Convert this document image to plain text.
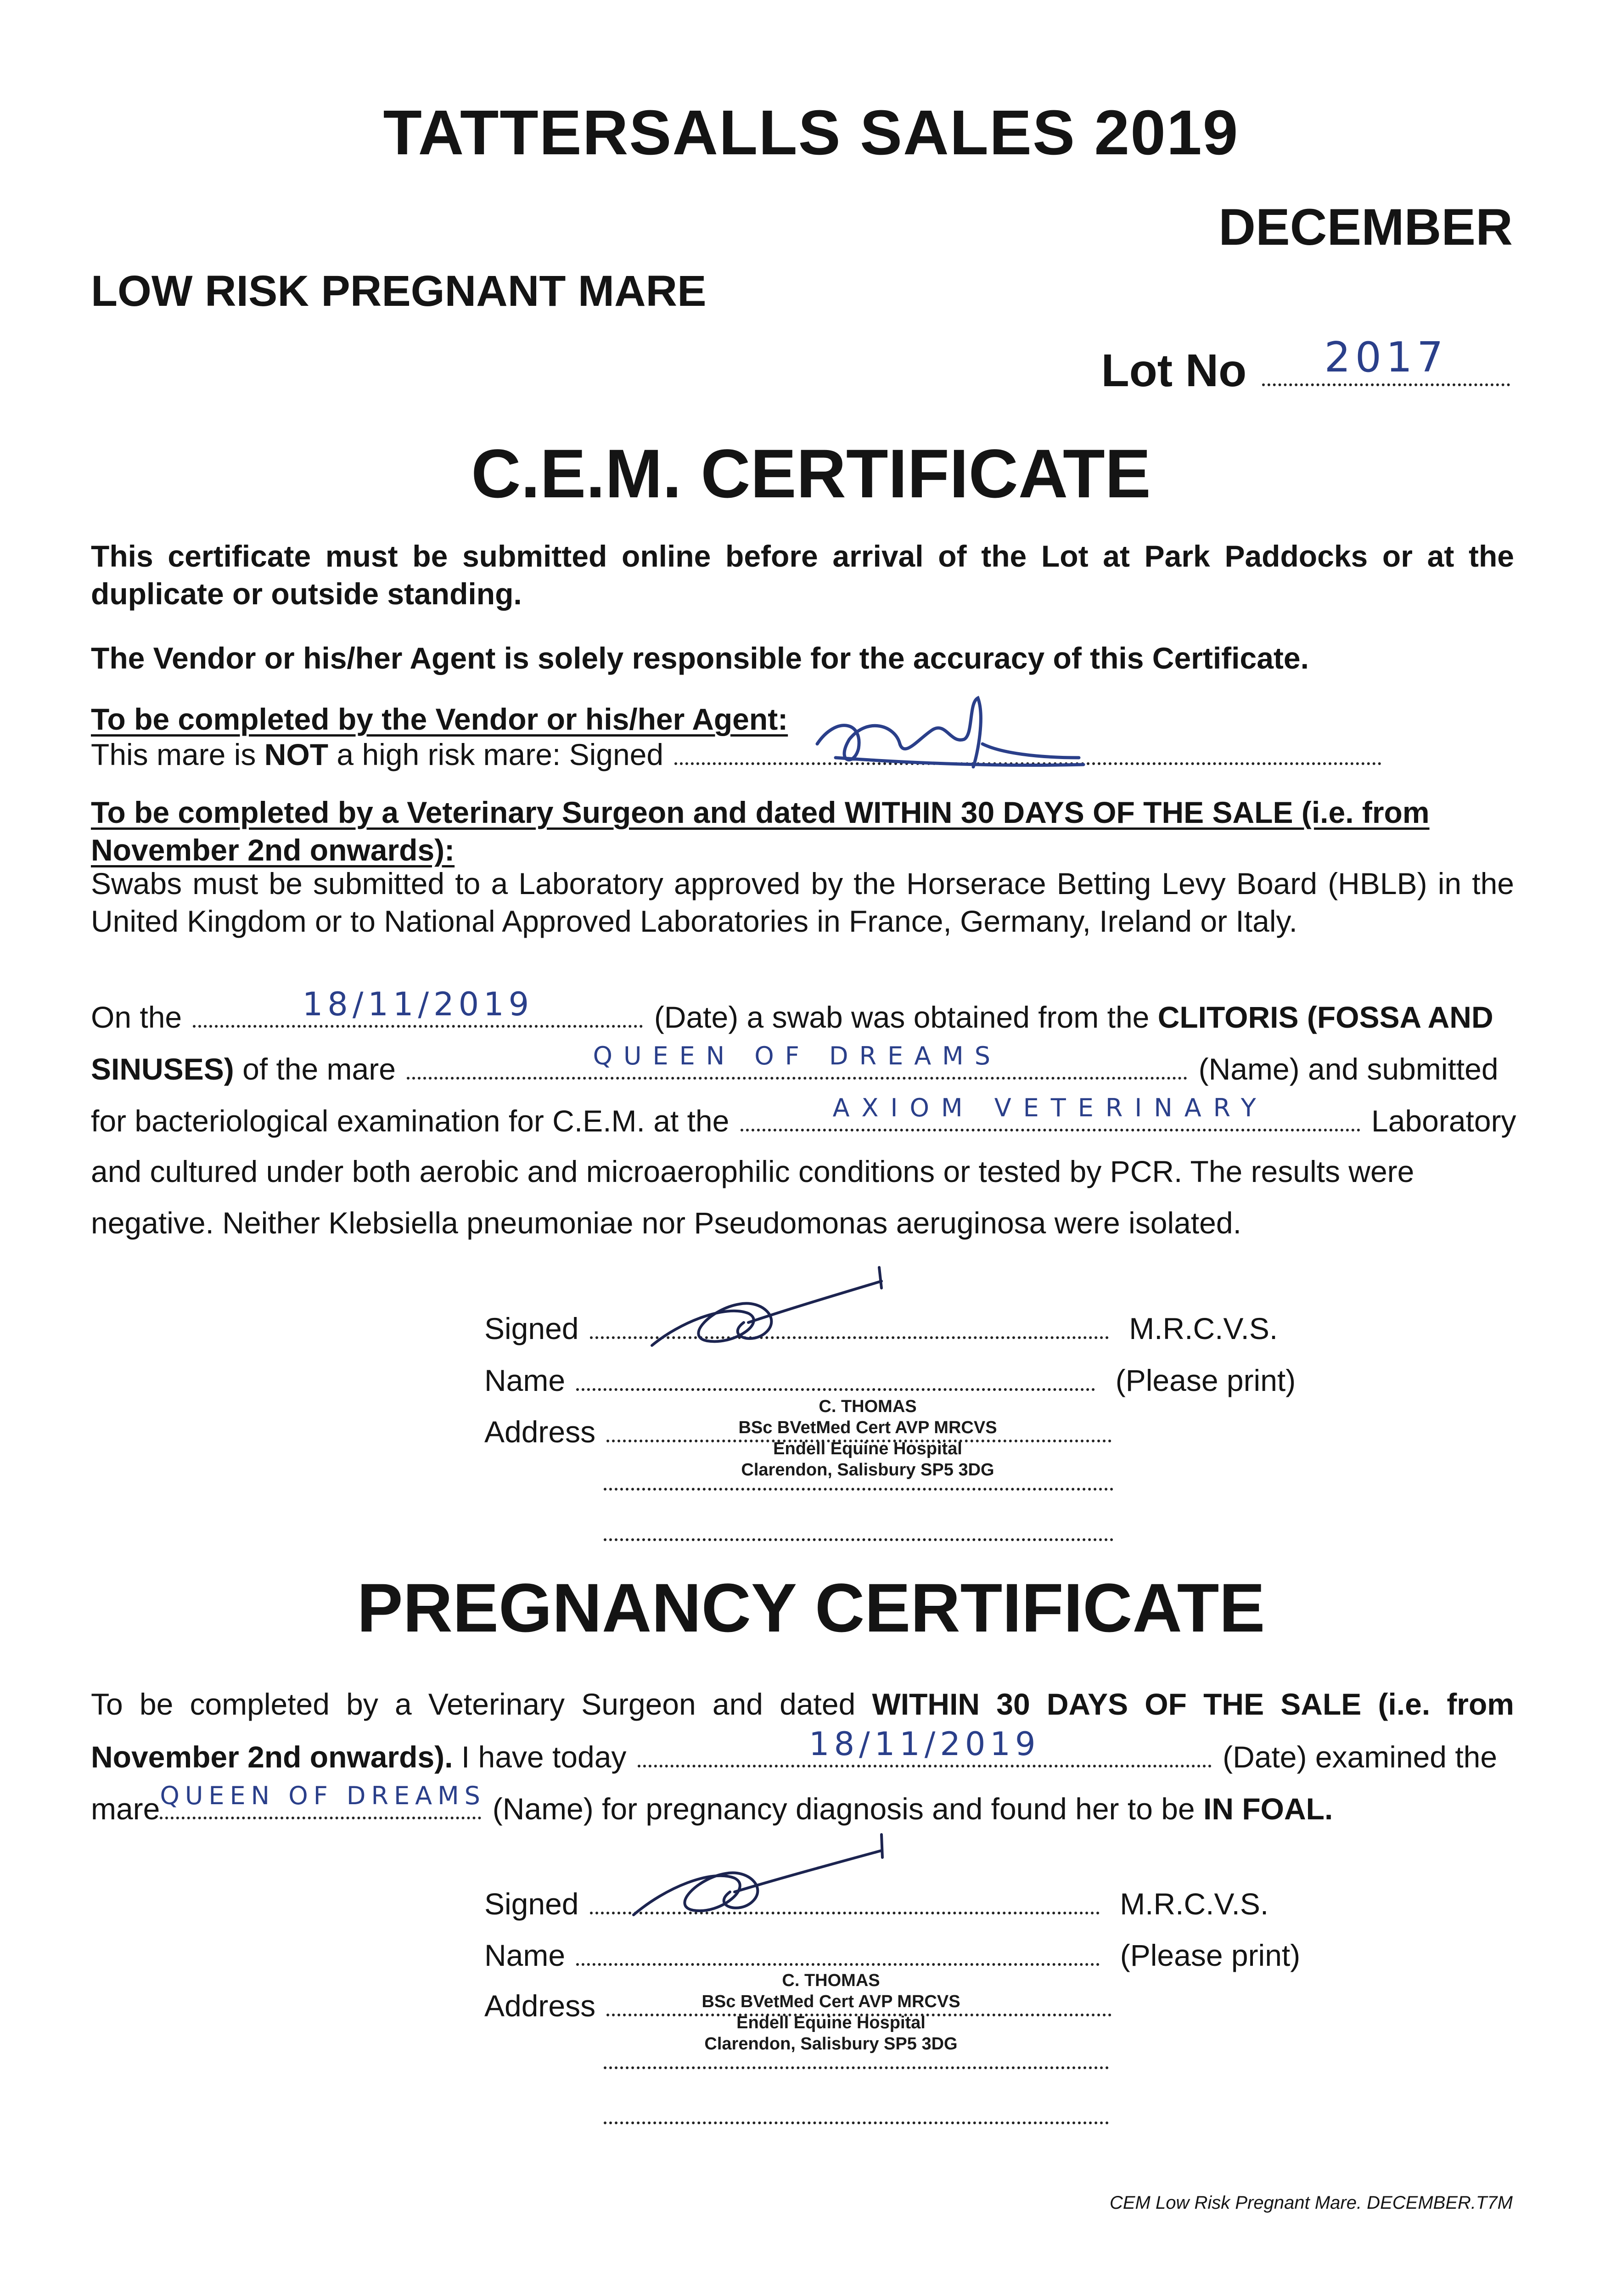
TATTERSALLS SALES 2019
DECEMBER
LOW RISK PREGNANT MARE
Lot No	2017
C.E.M. CERTIFICATE
This certificate must be submitted online before arrival of the Lot at Park Paddocks or at the duplicate or outside standing.
The Vendor or his/her Agent is solely responsible for the accuracy of this Certificate.
To be completed by the Vendor or his/her Agent:
This mare is NOT a high risk mare: Signed
To be completed by a Veterinary Surgeon and dated WITHIN 30 DAYS OF THE SALE (i.e. from November 2nd onwards):
Swabs must be submitted to a Laboratory approved by the Horserace Betting Levy Board (HBLB) in the United Kingdom or to National Approved Laboratories in France, Germany, Ireland or Italy.
On the	18/11/2019	(Date) a swab was obtained from the CLITORIS (FOSSA AND
SINUSES) of the mare	QUEEN OF DREAMS	(Name) and submitted
for bacteriological examination for C.E.M. at the	AXIOM VETERINARY	Laboratory
and cultured under both aerobic and microaerophilic conditions or tested by PCR. The results were
negative. Neither Klebsiella pneumoniae nor Pseudomonas aeruginosa were isolated.
Signed	M.R.C.V.S.
Name	(Please print)
Address
C. THOMAS
BSc BVetMed Cert AVP MRCVS
Endell Equine Hospital
Clarendon, Salisbury SP5 3DG
PREGNANCY CERTIFICATE
To be completed by a Veterinary Surgeon and dated WITHIN 30 DAYS OF THE SALE (i.e. from
November 2nd onwards). I have today	18/11/2019	(Date) examined the
mare QUEEN OF DREAMS (Name) for pregnancy diagnosis and found her to be IN FOAL.
Signed	M.R.C.V.S.
Name	(Please print)
Address
C. THOMAS
BSc BVetMed Cert AVP MRCVS
Endell Equine Hospital
Clarendon, Salisbury SP5 3DG
CEM Low Risk Pregnant Mare. DECEMBER.T7M
